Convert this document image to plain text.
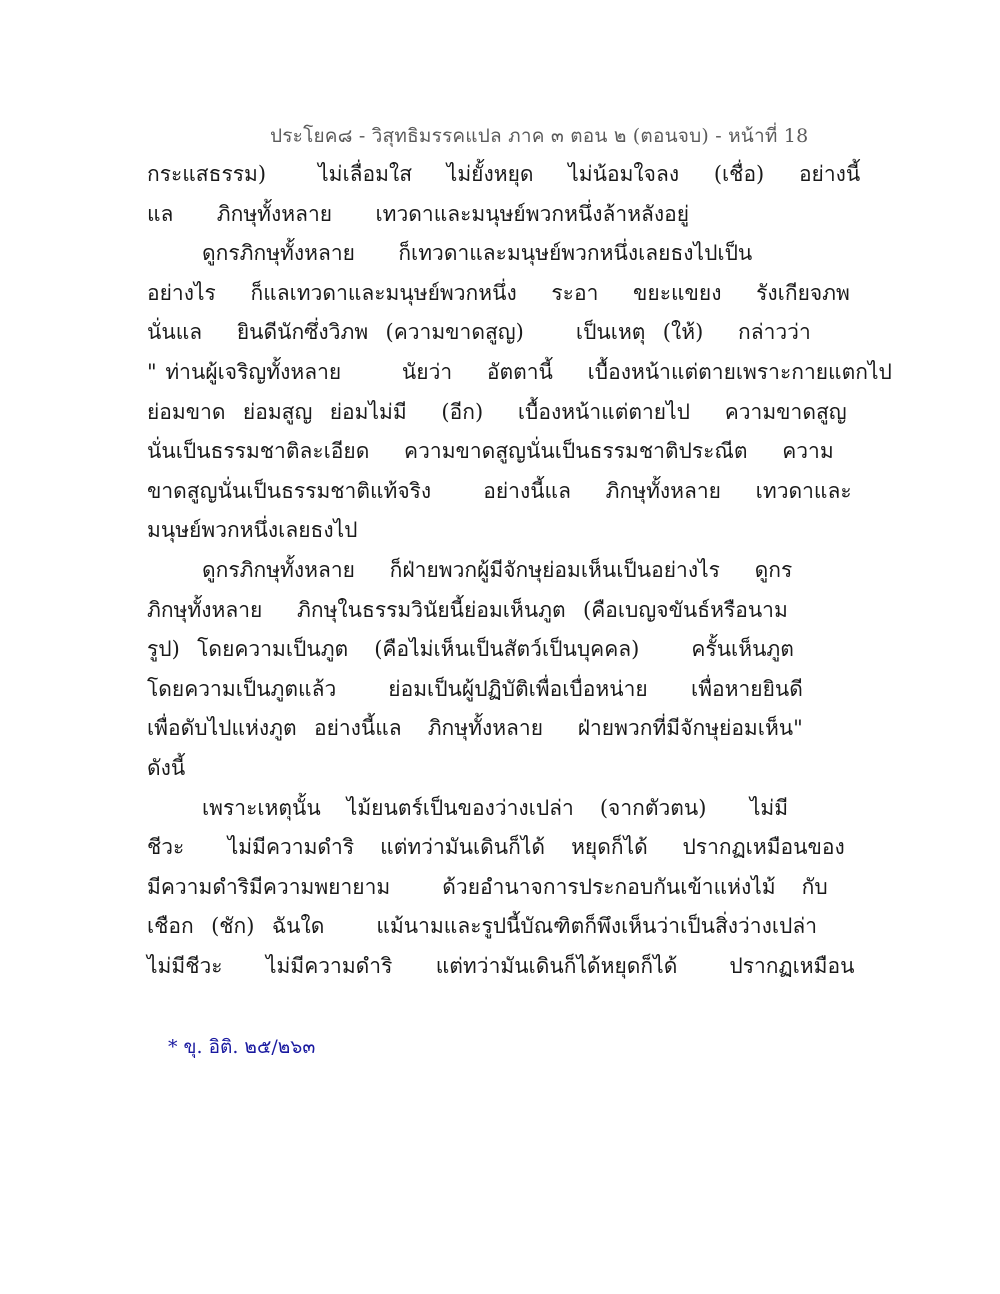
ประโยค๘ - วิสุทธิมรรคแปล ภาค ๓ ตอน ๒ (ตอนจบ) - หน้าที่ 18
กระแสธรรม)      ไม่เลื่อมใส    ไม่ยั้งหยุด    ไม่น้อมใจลง    (เชื่อ)    อย่างนี้
แล     ภิกษุทั้งหลาย     เทวดาและมนุษย์พวกหนึ่งล้าหลังอยู่
ดูกรภิกษุทั้งหลาย     ก็เทวดาและมนุษย์พวกหนึ่งเลยธงไปเป็น
อย่างไร    ก็แลเทวดาและมนุษย์พวกหนึ่ง    ระอา    ขยะแขยง    รังเกียจภพ
นั่นแล    ยินดีนักซึ่งวิภพ  (ความขาดสูญ)      เป็นเหตุ  (ให้)    กล่าวว่า
" ท่านผู้เจริญทั้งหลาย       นัยว่า    อัตตานี้    เบื้องหน้าแต่ตายเพราะกายแตกไป
ย่อมขาด  ย่อมสูญ  ย่อมไม่มี    (อีก)    เบื้องหน้าแต่ตายไป    ความขาดสูญ
นั่นเป็นธรรมชาติละเอียด    ความขาดสูญนั่นเป็นธรรมชาติประณีต    ความ
ขาดสูญนั่นเป็นธรรมชาติแท้จริง      อย่างนี้แล    ภิกษุทั้งหลาย    เทวดาและ
มนุษย์พวกหนึ่งเลยธงไป
ดูกรภิกษุทั้งหลาย    ก็ฝ่ายพวกผู้มีจักษุย่อมเห็นเป็นอย่างไร    ดูกร
ภิกษุทั้งหลาย    ภิกษุในธรรมวินัยนี้ย่อมเห็นภูต  (คือเบญจขันธ์หรือนาม
รูป)  โดยความเป็นภูต   (คือไม่เห็นเป็นสัตว์เป็นบุคคล)      ครั้นเห็นภูต
โดยความเป็นภูตแล้ว      ย่อมเป็นผู้ปฏิบัติเพื่อเบื่อหน่าย     เพื่อหายยินดี
เพื่อดับไปแห่งภูต  อย่างนี้แล   ภิกษุทั้งหลาย    ฝ่ายพวกที่มีจักษุย่อมเห็น"
ดังนี้
เพราะเหตุนั้น   ไม้ยนตร์เป็นของว่างเปล่า   (จากตัวตน)     ไม่มี
ชีวะ     ไม่มีความดำริ   แต่ทว่ามันเดินก็ได้   หยุดก็ได้    ปรากฏเหมือนของ
มีความดำริมีความพยายาม      ด้วยอำนาจการประกอบกันเข้าแห่งไม้   กับ
เชือก  (ชัก)  ฉันใด      แม้นามและรูปนี้บัณฑิตก็พึงเห็นว่าเป็นสิ่งว่างเปล่า
ไม่มีชีวะ     ไม่มีความดำริ     แต่ทว่ามันเดินก็ได้หยุดก็ได้      ปรากฏเหมือน
* ขุ. อิติ. ๒๕/๒๖๓
